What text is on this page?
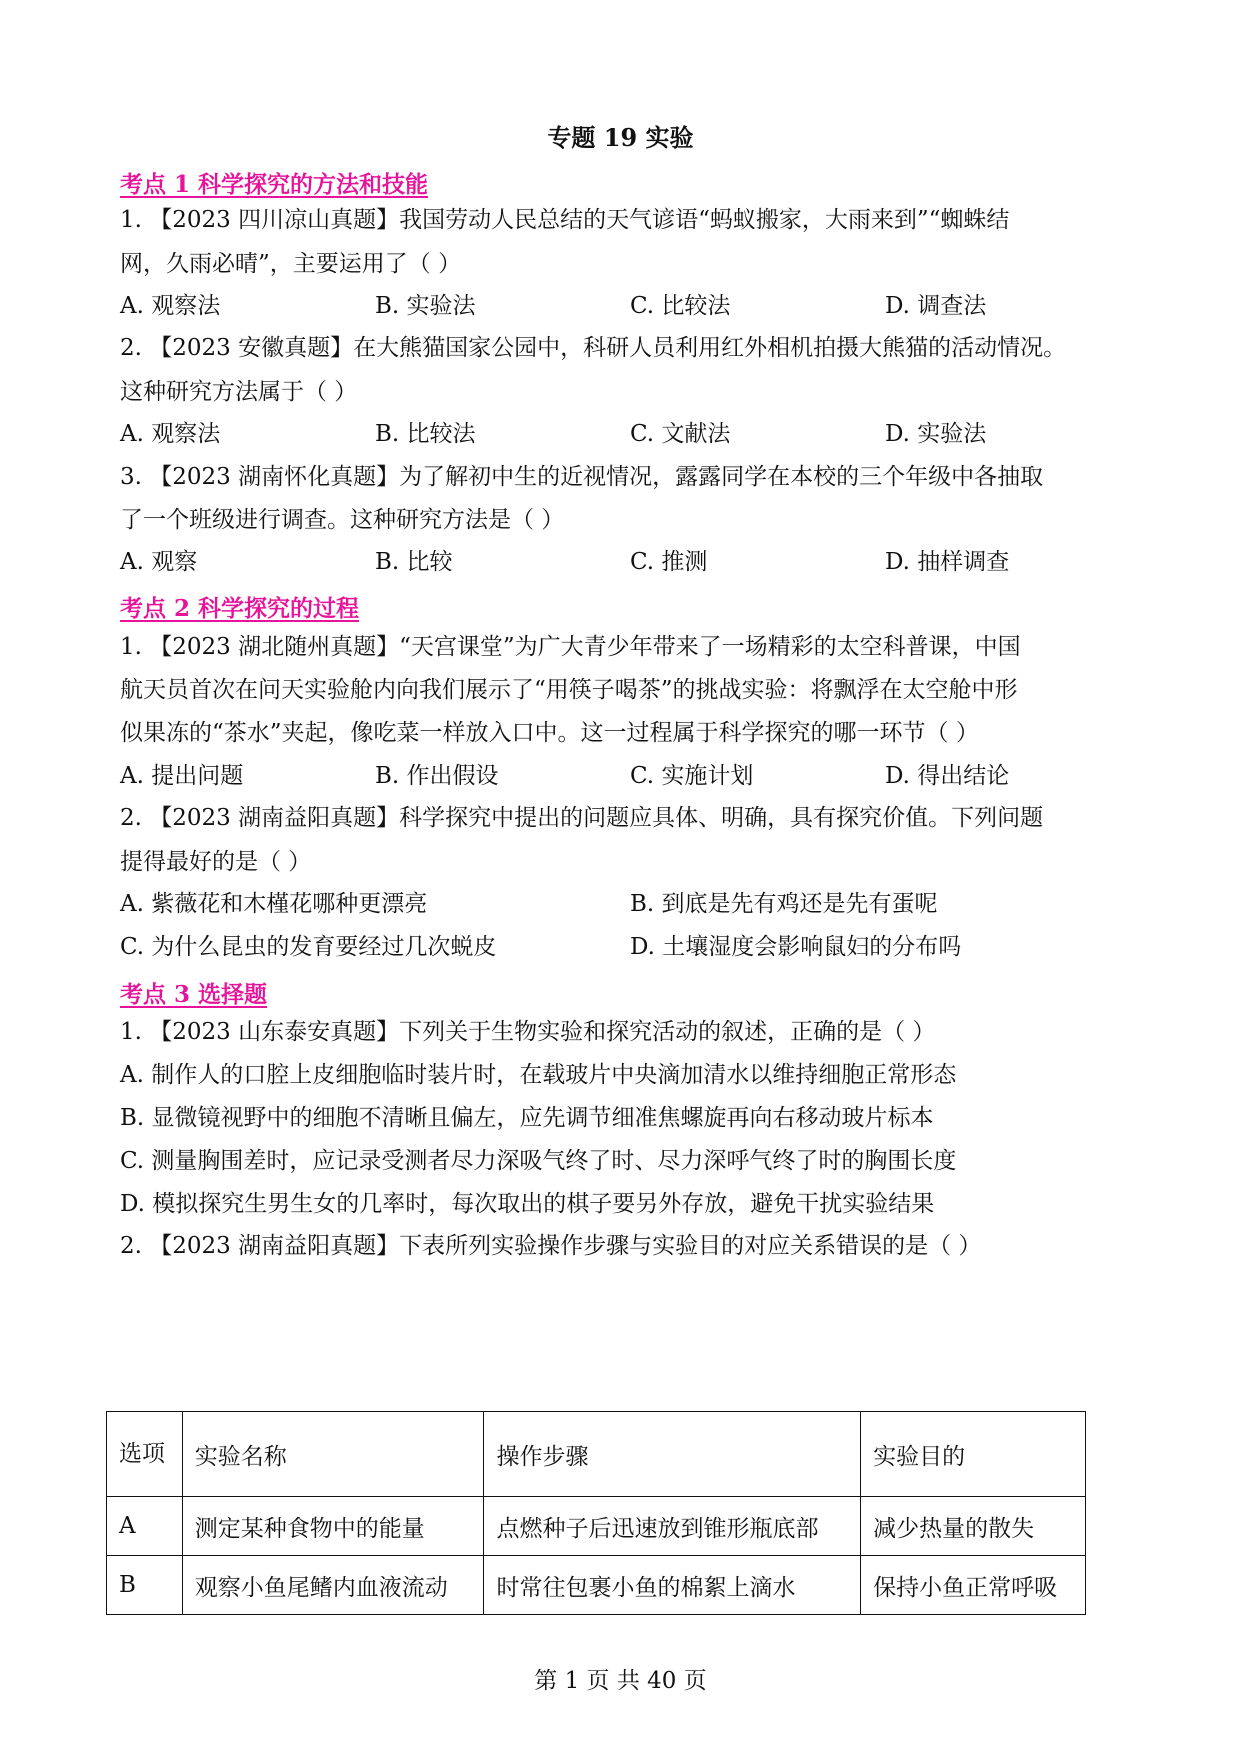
专题 19 实验
考点 1 科学探究的方法和技能
1. 【2023 四川凉山真题】我国劳动人民总结的天气谚语“蚂蚁搬家，大雨来到”“蜘蛛结
网，久雨必晴”，主要运用了（ ）
A. 观察法	B. 实验法	C. 比较法	D. 调查法
2. 【2023 安徽真题】在大熊猫国家公园中，科研人员利用红外相机拍摄大熊猫的活动情况。
这种研究方法属于（ ）
A. 观察法	B. 比较法	C. 文献法	D. 实验法
3. 【2023 湖南怀化真题】为了解初中生的近视情况，露露同学在本校的三个年级中各抽取
了一个班级进行调查。这种研究方法是（ ）
A. 观察	B. 比较	C. 推测	D. 抽样调查
考点 2 科学探究的过程
1. 【2023 湖北随州真题】“天宫课堂”为广大青少年带来了一场精彩的太空科普课，中国
航天员首次在问天实验舱内向我们展示了“用筷子喝茶”的挑战实验：将飘浮在太空舱中形
似果冻的“茶水”夹起，像吃菜一样放入口中。这一过程属于科学探究的哪一环节（ ）
A. 提出问题	B. 作出假设	C. 实施计划	D. 得出结论
2. 【2023 湖南益阳真题】科学探究中提出的问题应具体、明确，具有探究价值。下列问题
提得最好的是（ ）
A. 紫薇花和木槿花哪种更漂亮	B. 到底是先有鸡还是先有蛋呢
C. 为什么昆虫的发育要经过几次蜕皮	D. 土壤湿度会影响鼠妇的分布吗
考点 3 选择题
1. 【2023 山东泰安真题】下列关于生物实验和探究活动的叙述，正确的是（ ）
A. 制作人的口腔上皮细胞临时装片时，在载玻片中央滴加清水以维持细胞正常形态
B. 显微镜视野中的细胞不清晰且偏左，应先调节细准焦螺旋再向右移动玻片标本
C. 测量胸围差时，应记录受测者尽力深吸气终了时、尽力深呼气终了时的胸围长度
D. 模拟探究生男生女的几率时，每次取出的棋子要另外存放，避免干扰实验结果
2. 【2023 湖南益阳真题】下表所列实验操作步骤与实验目的对应关系错误的是（ ）
选项	实验名称	操作步骤	实验目的
A	测定某种食物中的能量	点燃种子后迅速放到锥形瓶底部	减少热量的散失
B	观察小鱼尾鳍内血液流动	时常往包裹小鱼的棉絮上滴水	保持小鱼正常呼吸
第 1 页 共 40 页
